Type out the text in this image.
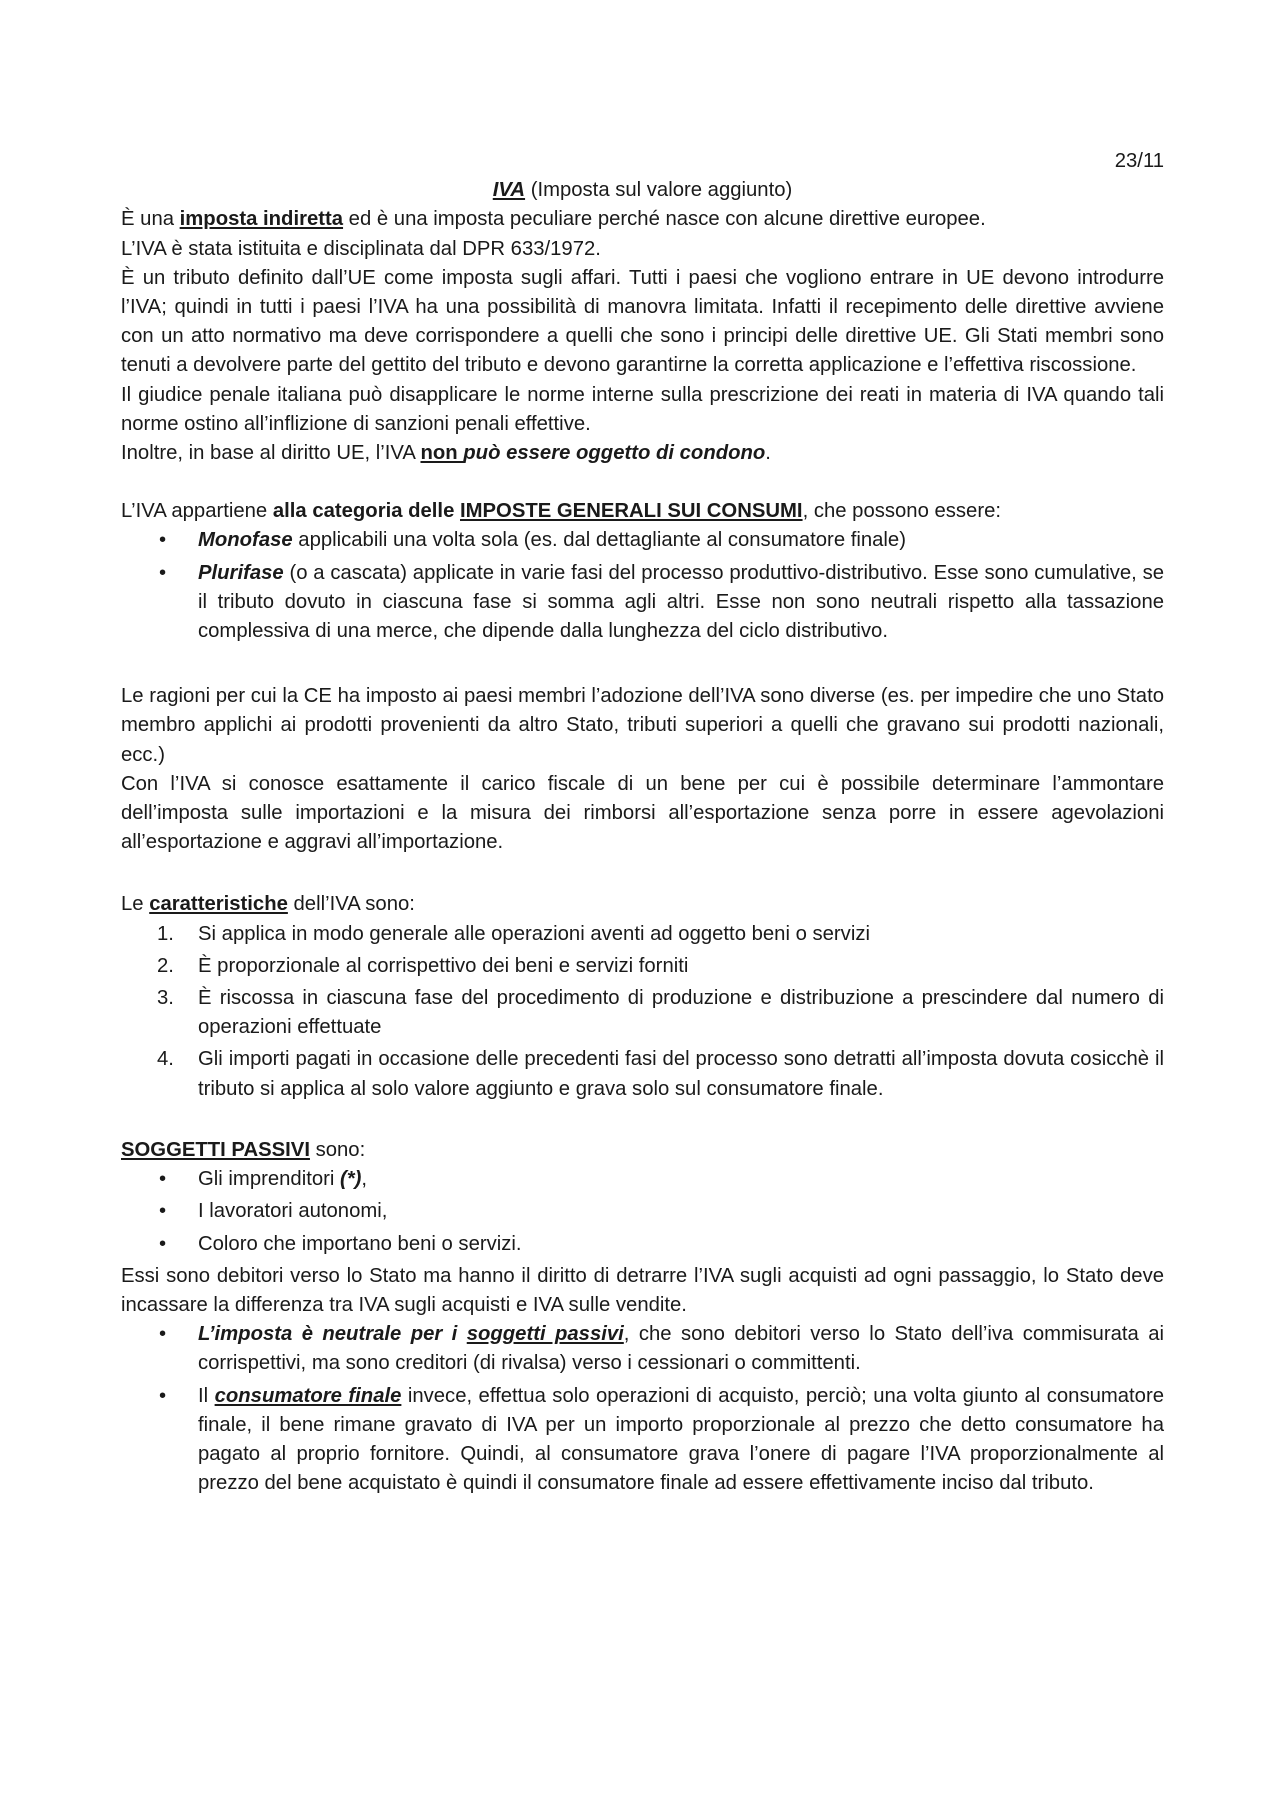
23/11

IVA (Imposta sul valore aggiunto)

È una imposta indiretta ed è una imposta peculiare perché nasce con alcune direttive europee.

L’IVA è stata istituita e disciplinata dal DPR 633/1972.

È un tributo definito dall’UE come imposta sugli affari. Tutti i paesi che vogliono entrare in UE devono introdurre l’IVA; quindi in tutti i paesi l’IVA ha una possibilità di manovra limitata. Infatti il recepimento delle direttive avviene con un atto normativo ma deve corrispondere a quelli che sono i principi delle direttive UE. Gli Stati membri sono tenuti a devolvere parte del gettito del tributo e devono garantirne la corretta applicazione e l’effettiva riscossione.

Il giudice penale italiana può disapplicare le norme interne sulla prescrizione dei reati in materia di IVA quando tali norme ostino all’inflizione di sanzioni penali effettive.

Inoltre, in base al diritto UE, l’IVA non può essere oggetto di condono.

L’IVA appartiene alla categoria delle IMPOSTE GENERALI SUI CONSUMI, che possono essere:

• Monofase applicabili una volta sola (es. dal dettagliante al consumatore finale)
• Plurifase (o a cascata) applicate in varie fasi del processo produttivo-distributivo. Esse sono cumulative, se il tributo dovuto in ciascuna fase si somma agli altri. Esse non sono neutrali rispetto alla tassazione complessiva di una merce, che dipende dalla lunghezza del ciclo distributivo.

Le ragioni per cui la CE ha imposto ai paesi membri l’adozione dell’IVA sono diverse (es. per impedire che uno Stato membro applichi ai prodotti provenienti da altro Stato, tributi superiori a quelli che gravano sui prodotti nazionali, ecc.)

Con l’IVA si conosce esattamente il carico fiscale di un bene per cui è possibile determinare l’ammontare dell’imposta sulle importazioni e la misura dei rimborsi all’esportazione senza porre in essere agevolazioni all’esportazione e aggravi all’importazione.

Le caratteristiche dell’IVA sono:

1. Si applica in modo generale alle operazioni aventi ad oggetto beni o servizi
2. È proporzionale al corrispettivo dei beni e servizi forniti
3. È riscossa in ciascuna fase del procedimento di produzione e distribuzione a prescindere dal numero di operazioni effettuate
4. Gli importi pagati in occasione delle precedenti fasi del processo sono detratti all’imposta dovuta cosicchè il tributo si applica al solo valore aggiunto e grava solo sul consumatore finale.

SOGGETTI PASSIVI sono:

• Gli imprenditori (*),
• I lavoratori autonomi,
• Coloro che importano beni o servizi.

Essi sono debitori verso lo Stato ma hanno il diritto di detrarre l’IVA sugli acquisti ad ogni passaggio, lo Stato deve incassare la differenza tra IVA sugli acquisti e IVA sulle vendite.

• L’imposta è neutrale per i soggetti passivi, che sono debitori verso lo Stato dell’iva commisurata ai corrispettivi, ma sono creditori (di rivalsa) verso i cessionari o committenti.
• Il consumatore finale invece, effettua solo operazioni di acquisto, perciò; una volta giunto al consumatore finale, il bene rimane gravato di IVA per un importo proporzionale al prezzo che detto consumatore ha pagato al proprio fornitore. Quindi, al consumatore grava l’onere di pagare l’IVA proporzionalmente al prezzo del bene acquistato è quindi il consumatore finale ad essere effettivamente inciso dal tributo.
